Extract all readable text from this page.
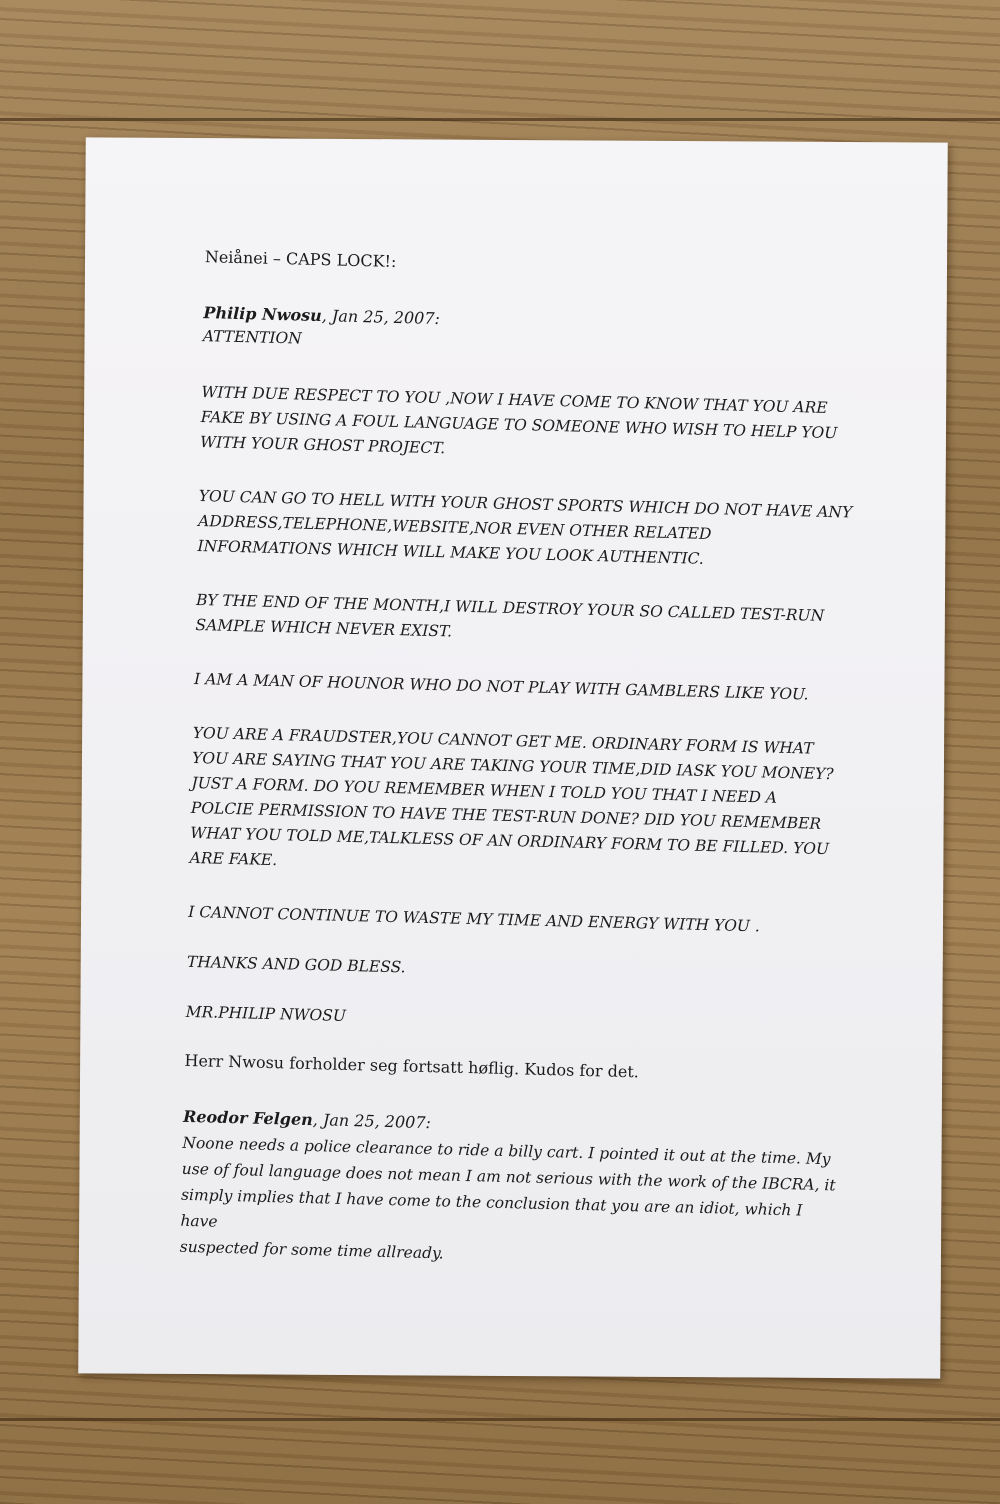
Neiånei – CAPS LOCK!:

Philip Nwosu, Jan 25, 2007:

ATTENTION

WITH DUE RESPECT TO YOU ,NOW I HAVE COME TO KNOW THAT YOU ARE
FAKE BY USING A FOUL LANGUAGE TO SOMEONE WHO WISH TO HELP YOU
WITH YOUR GHOST PROJECT.

YOU CAN GO TO HELL WITH YOUR GHOST SPORTS WHICH DO NOT HAVE ANY
ADDRESS,TELEPHONE,WEBSITE,NOR EVEN OTHER RELATED
INFORMATIONS WHICH WILL MAKE YOU LOOK AUTHENTIC.

BY THE END OF THE MONTH,I WILL DESTROY YOUR SO CALLED TEST-RUN
SAMPLE WHICH NEVER EXIST.

I AM A MAN OF HOUNOR WHO DO NOT PLAY WITH GAMBLERS LIKE YOU.

YOU ARE A FRAUDSTER,YOU CANNOT GET ME. ORDINARY FORM IS WHAT
YOU ARE SAYING THAT YOU ARE TAKING YOUR TIME,DID IASK YOU MONEY?
JUST A FORM. DO YOU REMEMBER WHEN I TOLD YOU THAT I NEED A
POLCIE PERMISSION TO HAVE THE TEST-RUN DONE? DID YOU REMEMBER
WHAT YOU TOLD ME,TALKLESS OF AN ORDINARY FORM TO BE FILLED. YOU
ARE FAKE.

I CANNOT CONTINUE TO WASTE MY TIME AND ENERGY WITH YOU .

THANKS AND GOD BLESS.

MR.PHILIP NWOSU

Herr Nwosu forholder seg fortsatt høflig. Kudos for det.

Reodor Felgen, Jan 25, 2007:

Noone needs a police clearance to ride a billy cart. I pointed it out at the time. My
use of foul language does not mean I am not serious with the work of the IBCRA, it
simply implies that I have come to the conclusion that you are an idiot, which I have
suspected for some time allready.
